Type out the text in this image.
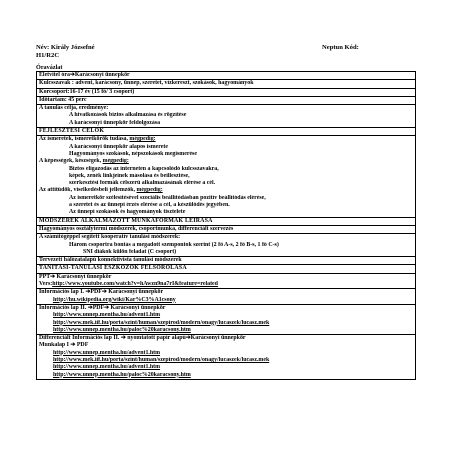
Név: Király Józsefné
H1/R2C
Neptun Kód:
Óravázlat
Életvitel óra➔Karácsonyi ünnepkör
Kulcsszavak : advent, karácsony, ünnep, szeretet, vízkereszt, szokások, hagyományok
Korcsoport:16-17 év (15 fő/ 3 csoport)
Időtartam: 45 perc

A tanulás célja, eredménye:
A hivatkozások biztos alkalmazása és rögzítése
A karácsonyi ünnepkör feldolgozása

FEJLESZTÉSI CÉLOK

Az ismeretek, ismeretkörök tudása, mégpedig:
A karácsonyi ünnepkör alapos ismerete
Hagyományos szokások, népszokások megismerése
A képességek, készségek, mégpedig:
Biztos eligazodás az interneten a kapcsolódó kulcsszavakra,
képek, zenék linkjeinek másolása és beillesztése,
szerkesztési formák célszerű alkalmazásának elérése a cél.
Az attitűdök, viselkedésbeli jellemzők, mégpedig:
Az ismeretkör szélesítésével szociális beállítódásban pozitív beállítódás elérése,
a szeretet és az ünnepi érzés elérése a cél, a készülődés jegyében.
Az ünnepi szokások és hagyományok tisztelete

MÓDSZEREK ALKALMAZOTT MUNKAFORMÁK LEÍRÁSA
Hagyományos osztálytermi módszerek, csoportmunka, differenciált szervezés

A számítógéppel segített kooperatív tanulási módszerek:
Három csoportra bontás a megadott szempontok szerint (2 fő A-s, 2 fő B-s, 1 fő C-s)
SNI diákok külön feladat (C csoport)

Tervezett hálózatalapú konnektivista tanulási módszerek
TANÍTÁSI-TANULÁSI ESZKÖZÖK FELSOROLÁSA

PPT➔ Karácsonyi ünnepkör
Vers:http://www.youtube.com/watch?v=hAwzn9na7rI&feature=related

Információs lap I. ➔PDF➔ Karácsonyi ünnepkör
http://hu.wikipedia.org/wiki/Kar%C3%A1csony

Információs lap II. ➔PDF➔ Karácsonyi ünnepkör
http://www.unnep.mentha.hu/advent1.htm
http://www.mek.iif.hu/porta/szint/human/szepirod/modern/onagy/lucaszek/lucasz.mek
http://www.unnep.mentha.hu/paloc%20karacsony.htm

Differenciált Információs lap II. ➔ nyomtatott papír alapú➔Karácsonyi ünnepkör
Munkalap I ➔ PDF
http://www.unnep.mentha.hu/advent1.htm
http://www.mek.iif.hu/porta/szint/human/szepirod/modern/onagy/lucaszek/lucasz.mek
http://www.unnep.mentha.hu/advent1.htm
http://www.unnep.mentha.hu/paloc%20karacsony.htm
